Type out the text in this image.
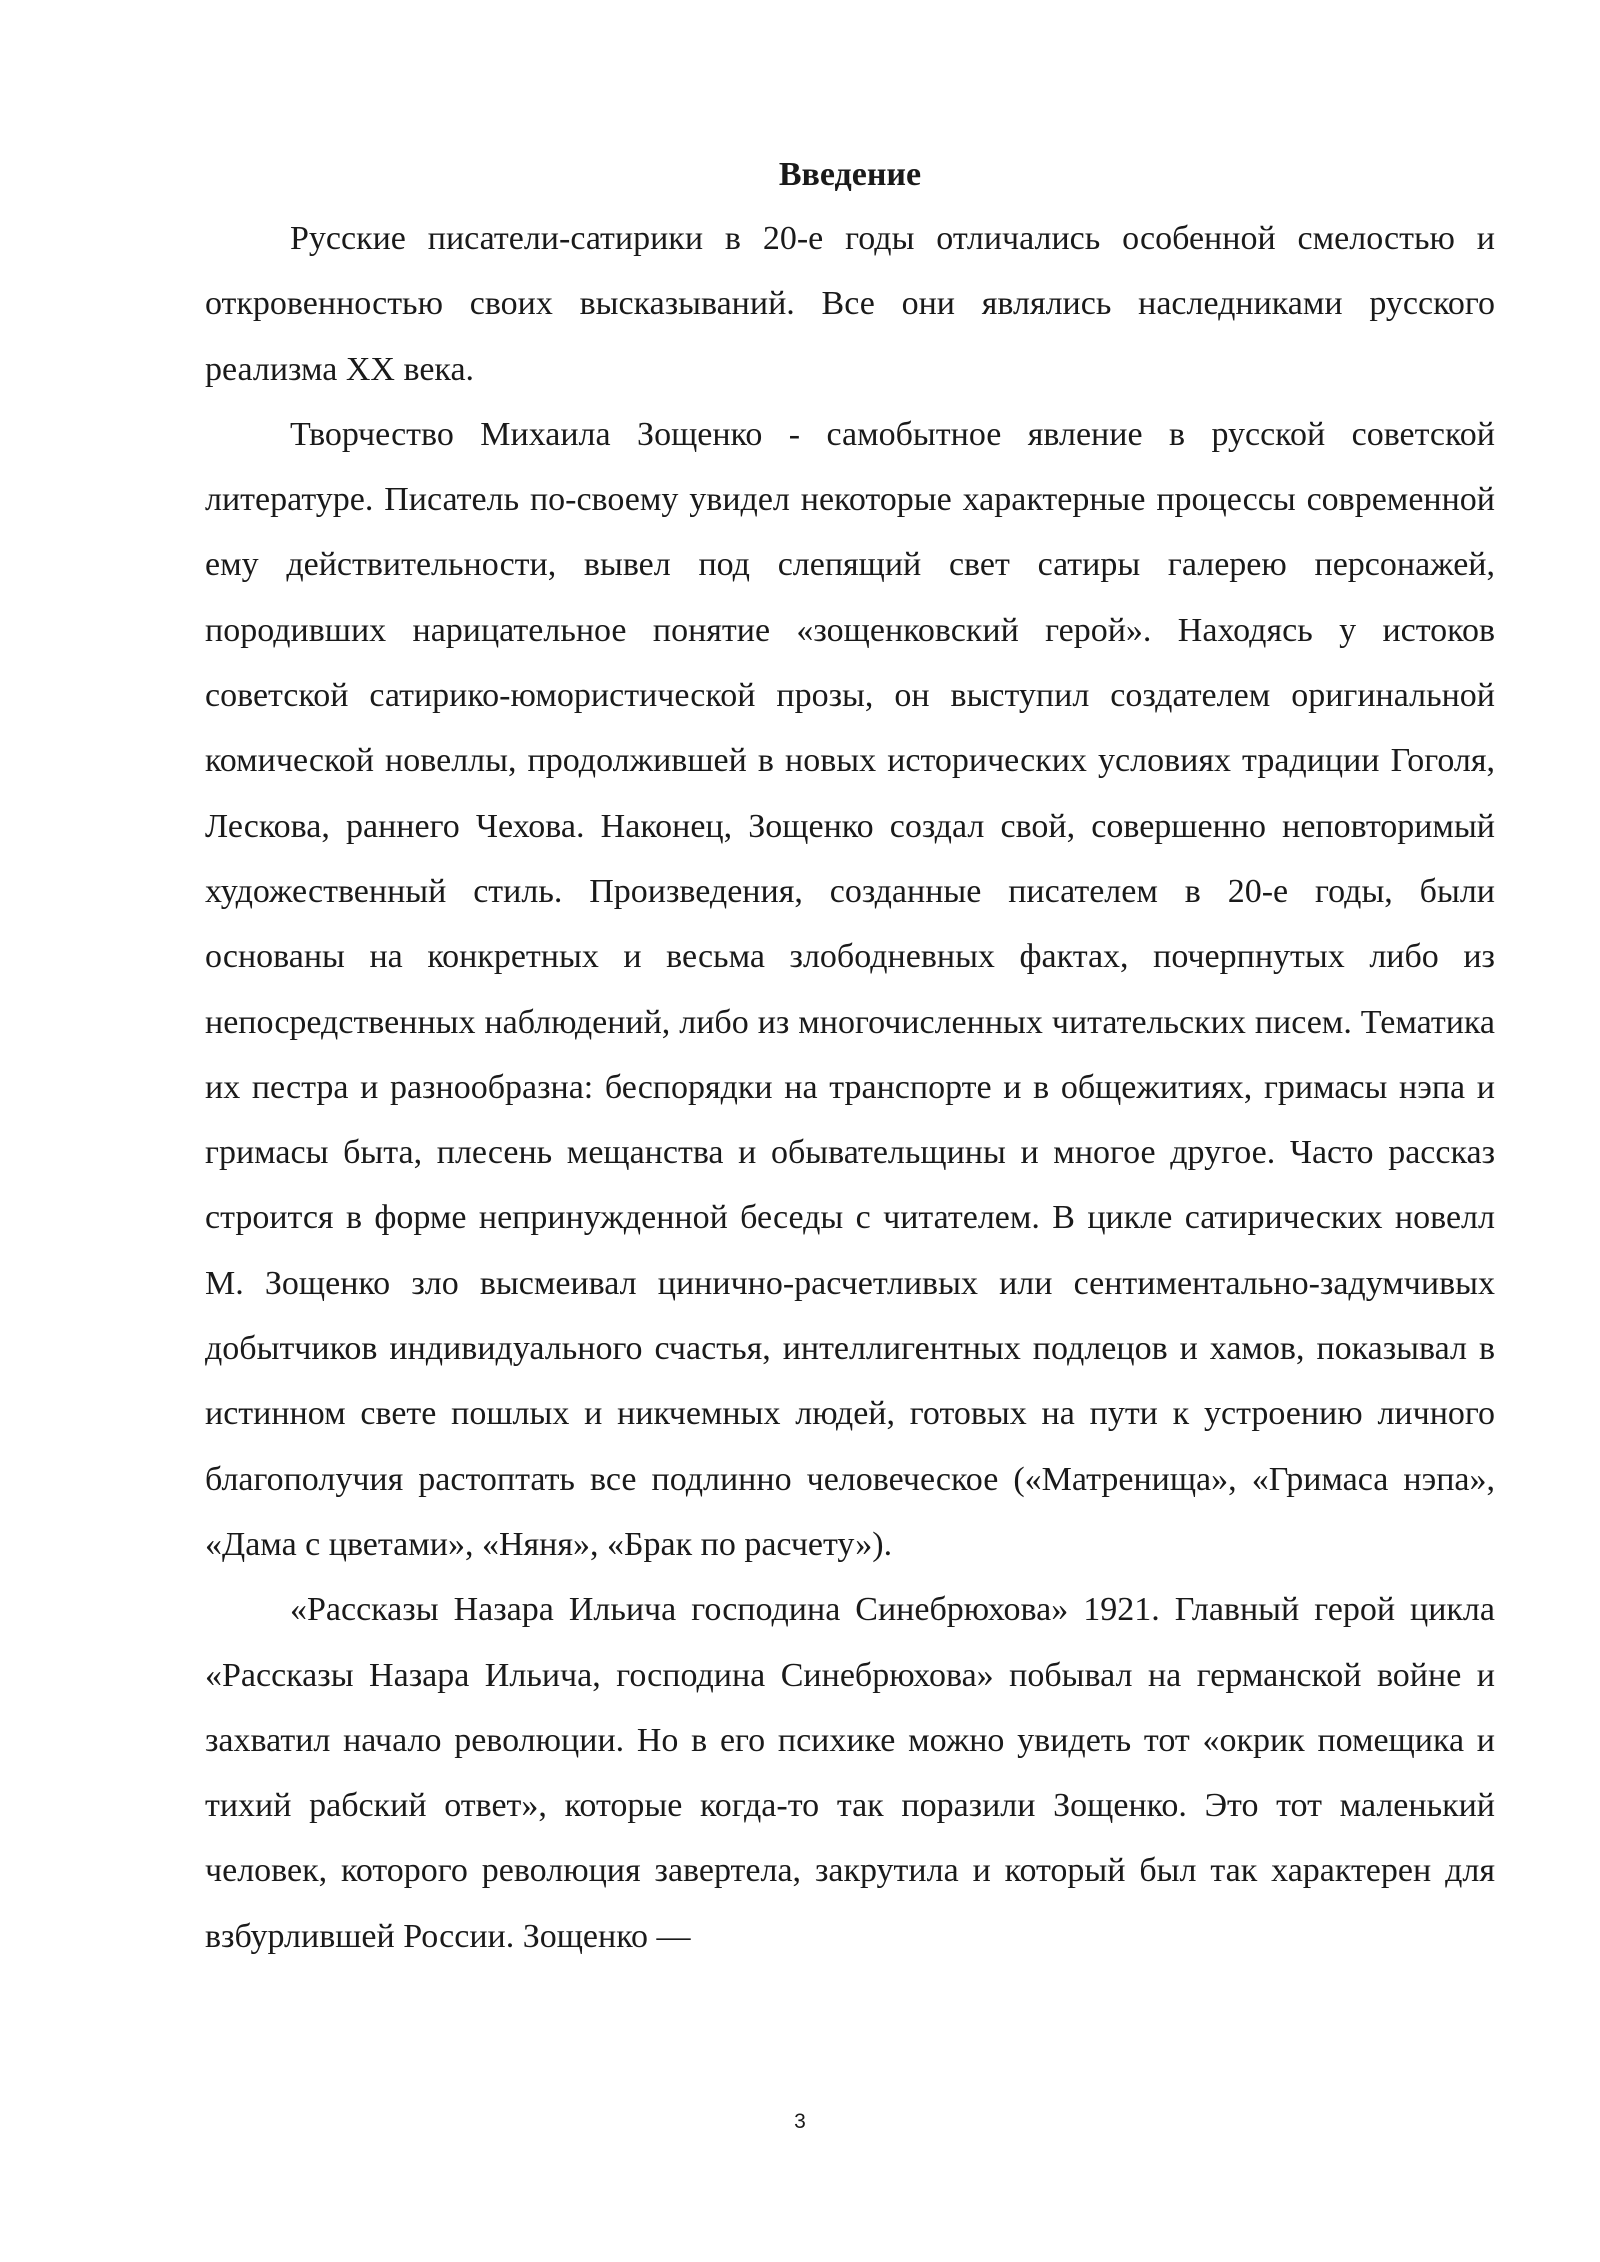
Введение

Русские писатели-сатирики в 20-е годы отличались особенной смелостью и откровенностью своих высказываний. Все они являлись наследниками русского реализма XX века.

Творчество Михаила Зощенко - самобытное явление в русской советской литературе. Писатель по-своему увидел некоторые характерные процессы современной ему действительности, вывел под слепящий свет сатиры галерею персонажей, породивших нарицательное понятие «зощенковский герой». Находясь у истоков советской сатирико-юмористической прозы, он выступил создателем оригинальной комической новеллы, продолжившей в новых исторических условиях традиции Гоголя, Лескова, раннего Чехова. Наконец, Зощенко создал свой, совершенно неповторимый художественный стиль. Произведения, созданные писателем в 20-е годы, были основаны на конкретных и весьма злободневных фактах, почерпнутых либо из непосредственных наблюдений, либо из многочисленных читательских писем. Тематика их пестра и разнообразна: беспорядки на транспорте и в общежитиях, гримасы нэпа и гримасы быта, плесень мещанства и обывательщины и многое другое. Часто рассказ строится в форме непринужденной беседы с читателем. В цикле сатирических новелл М. Зощенко зло высмеивал цинично-расчетливых или сентиментально-задумчивых добытчиков индивидуального счастья, интеллигентных подлецов и хамов, показывал в истинном свете пошлых и никчемных людей, готовых на пути к устроению личного благополучия растоптать все подлинно человеческое («Матренища», «Гримаса нэпа», «Дама с цветами», «Няня», «Брак по расчету»).

«Рассказы Назара Ильича господина Синебрюхова» 1921. Главный герой цикла «Рассказы Назара Ильича, господина Синебрюхова» побывал на германской войне и захватил начало революции. Но в его психике можно увидеть тот «окрик помещика и тихий рабский ответ», которые когда-то так поразили Зощенко. Это тот маленький человек, которого революция завертела, закрутила и который был так характерен для взбурлившей России. Зощенко —

3
